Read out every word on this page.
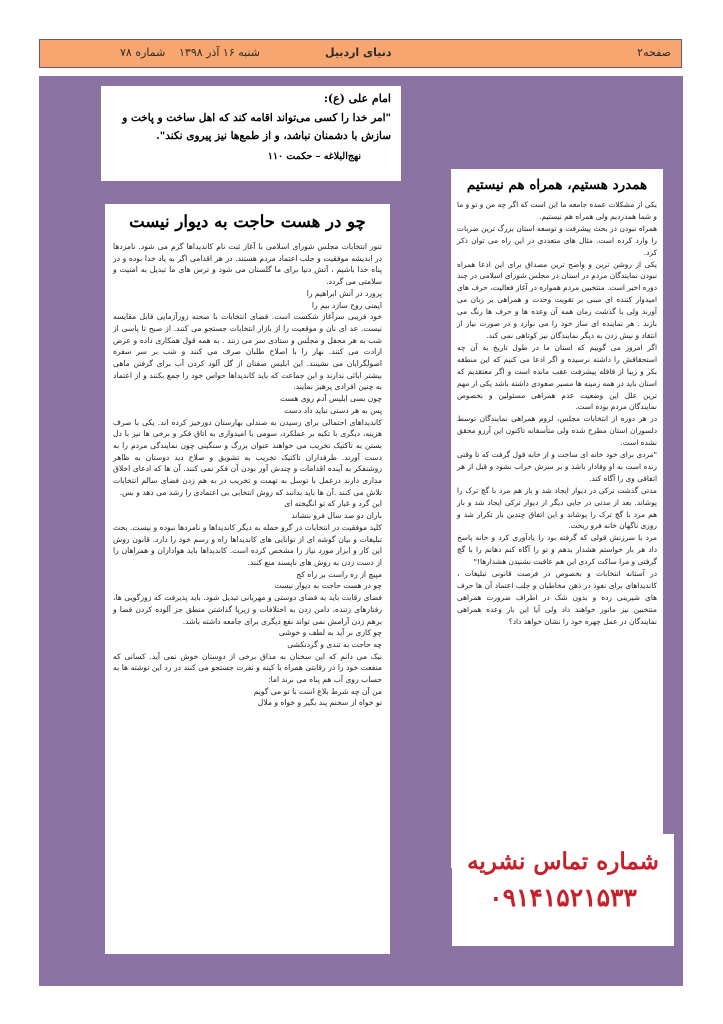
صفحه۲
دنیای اردبیل
شنبه ۱۶ آذر ۱۳۹۸
شماره ۷۸

امام علی (ع):

"امر خدا را کسی می‌تواند اقامه کند که اهل ساخت و پاخت و سازش با دشمنان نباشد، و از طمع‌ها نیز پیروی نکند".

نهج‌البلاغه – حکمت ۱۱۰

چو در هست حاجت به دیوار نیست

تنور انتخابات مجلس شورای اسلامی با آغاز ثبت نام کاندیداها گرم می شود. نامزدها در اندیشه موفقیت و جلب اعتماد مردم هستند. در هر اقدامی اگر به یاد خدا بوده و در پناه خدا باشیم ، آتش دنیا برای ما گلستان می شود و ترس های ما تبدیل به امنیت و سلامتی می گردد.

پرورد در آتش ابراهیم را

ایمنی روح سازد بیم را

خود فریبی سرآغاز شکست است. فضای انتخابات با صحنه زورآزمایی قابل مقایسه نیست. عد ای نان و موقعیت را از بازار انتخابات جستجو می کنند. از صبح تا پاسی از شب به هر محفل و مجلس و ستادی سر می زنند . به همه قول همکاری داده و عرض ارادت می کنند. نهار را با اصلاح طلبان صرف می کنند و شب بر سر سفره اصولگرایان می نشینند. این ابلیس صفتان از گل آلود کردن آب برای گرفتن ماهی بیشتر ابائی ندارند و این جماعت که باید کاندیداها حواس خود را جمع بکنند و از اعتماد به چنین افرادی پرهیز نمایند.

چون بسی ابلیس آدم روی هست

پس به هر دستی نباید داد دست

کاندیداهای احتمالی برای رسیدن به صندلی بهارستان دورخیز کرده اند. یکی با صرف هزینه، دیگری با تکیه بر عملکرد، سومی با امیدواری به اتاق فکر و برخی ها نیز با دل بستن به تاکتیک تخریب می خواهند عنوان بزرگ و سنگینی چون نمایندگی مردم را به دست آورند. طرفداران تاکتیک تخریب به تشویق و صلاح دید دوستان به ظاهر روشنفکر به آینده اقدامات و چندش آور بودن آن فکر نمی کنند. آن ها که ادعای اخلاق مداری دارند درعمل با توسل به تهمت و تخریب در به هم زدن فضای سالم انتخابات تلاش می کنند .آن ها باید بدانند که روش انتخابی بی اعتمادی را رشد می دهد و بس.

این گرد و غبار که تو انگیخته ای

باران دو صد سال فرو ننشاند

کلید موفقیت در انتخابات در گرو حمله به دیگر کاندیداها و نامزدها نبوده و نیست. بحث تبلیغات و بیان گوشه ای از توانایی های کاندیداها راه و رسم خود را دارد. قانون روش این کار و ابزار مورد نیاز را مشخص کرده است. کاندیداها باید هواداران و همراهان را از دست زدن به روش های ناپسند منع کنند.

مپیچ از ره راست بر راه کج

چو در هست حاجت به دیوار نیست

فضای رقابت باید به فضای دوستی و مهربانی تبدیل شود. باید پذیرفت که زورگویی ها، رفتارهای زننده، دامن زدن به اختلافات و زیرپا گذاشتن منطق جز آلوده کردن فضا و برهم زدن آرامش نمی تواند نفع دیگری برای جامعه داشته باشد.

چو کاری بر آید به لطف و خوشی

چه حاجت به تندی و گردنکشی

نیک می دانم که این سخنان به مذاق برخی از دوستان خوش نمی آید. کسانی که منفعت خود را در رقابتی همراه با کینه و نفرت جستجو می کنند در رد این نوشته ها به حساب روی آب هم پناه می برند اما:

من آن چه شرط بلاغ است با تو می گویم

تو خواه از سخنم پند بگیر و خواه و ملال

همدرد هستیم، همراه هم نیستیم

یکی از مشکلات عمده جامعه ما این است که اگر چه من و تو و ما و شما همدردیم ولی همراه هم نیستیم.

همراه نبودن در بحث پیشرفت و توسعه استان بزرگ ترین ضربات را وارد کرده است. مثال های متعددی در این راه می توان ذکر کرد.

یکی از روشن ترین و واضح ترین مصداق برای این ادعا همراه نبودن نمایندگان مردم در استان در مجلس شورای اسلامی در چند دوره اخیر است. منتخبین مردم همواره در آغاز فعالیت، حرف های امیدوار کننده ای مبنی بر تقویت وحدت و همراهی بر زبان می آورند ولی با گذشت زمان همه آن وعده ها و حرف ها رنگ می بازند . هر نماینده ای ساز خود را می نوازد و در صورت نیاز از انتقاد و نیش زدن به دیگر نمایندگان نیز کوتاهی نمی کند.

اگر امروز می گوییم که استان ما در طول تاریخ به آن چه استحقاقش را داشته نرسیده و اگر ادعا می کنیم که این منطقه بکر و زیبا از قافله پیشرفت عقب مانده است و اگر معتقدیم که استان باید در همه زمینه ها مسیر صعودی داشته باشد یکی از مهم ترین علل این وضعیت عدم همراهی مسئولین و بخصوص نمایندگان مردم بوده است.

در هر دوره از انتخابات مجلس، لزوم همراهی نمایندگان توسط دلسوزان استان مطرح شده ولی متأسفانه تاکنون این آرزو محقق نشده است.

"مردی برای خود خانه ای ساخت و از خانه قول گرفت که تا وقتی زنده است به او وفادار باشد و بر سرش خراب نشود و قبل از هر اتفاقی وی را آگاه کند.

مدتی گذشت ترکی در دیوار ایجاد شد و باز هم مرد با گچ ترک را پوشاند. بعد از مدتی در جایی دیگر از دیوار ترکی ایجاد شد و باز هم مرد با گچ ترک را پوشاند و این اتفاق چندین بار تکرار شد و روزی ناگهان خانه فرو ریخت.

مرد با سرزنش قولی که گرفته بود را یادآوری کرد و خانه پاسخ داد هر بار خواستم هشدار بدهم و تو را آگاه کنم دهانم را با گچ گرفتی و مرا ساکت کردی این هم عاقبت نشنیدن هشدارها!"

در آستانه انتخابات و بخصوص در فرصت قانونی تبلیغات ، کاندیداهای برای نفوذ در ذهن مخاطبان و جلب اعتماد آن ها حرف های شیرینی زده و بدون شک در اطراف ضرورت همراهی منتخبین نیز مانور خواهند داد ولی آیا این بار وعده همراهی نمایندگان در عمل چهره خود را نشان خواهد داد؟

شماره تماس نشریه

۰۹۱۴۱۵۲۱۵۳۳
